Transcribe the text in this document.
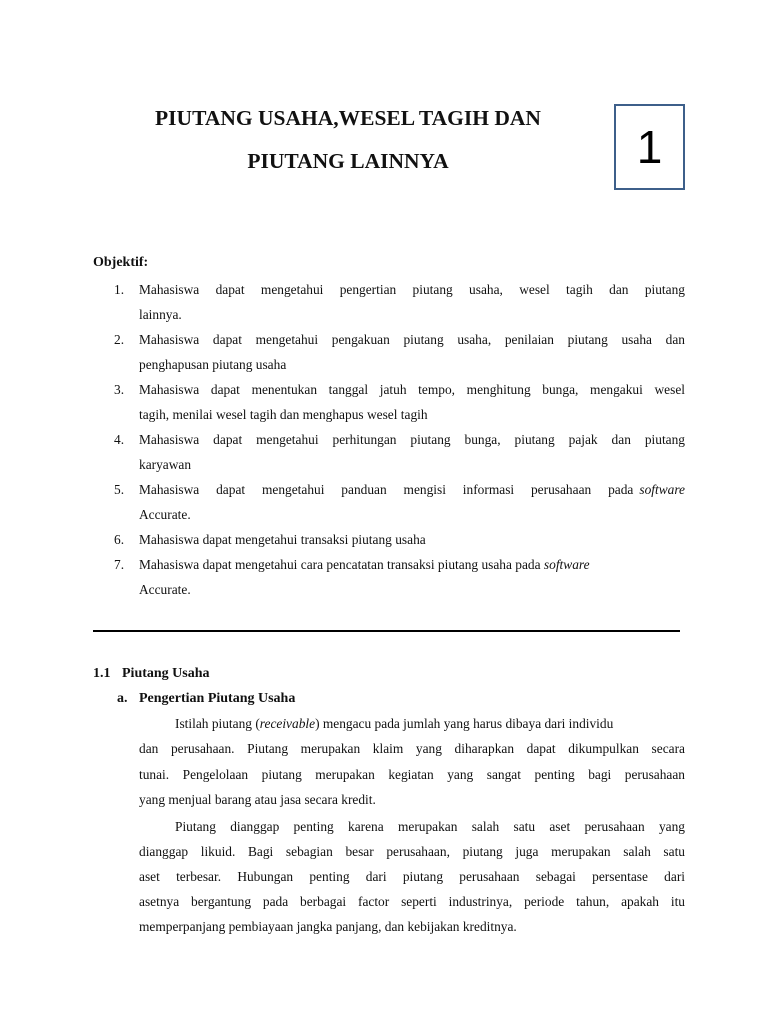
PIUTANG USAHA,WESEL TAGIH DAN
PIUTANG LAINNYA	1
Objektif:
1. Mahasiswa dapat mengetahui pengertian piutang usaha, wesel tagih dan piutang
lainnya.
2. Mahasiswa dapat mengetahui pengakuan piutang usaha, penilaian piutang usaha dan
penghapusan piutang usaha
3. Mahasiswa dapat menentukan tanggal jatuh tempo, menghitung bunga, mengakui wesel
tagih, menilai wesel tagih dan menghapus wesel tagih
4. Mahasiswa dapat mengetahui perhitungan piutang bunga, piutang pajak dan piutang
karyawan
5. Mahasiswa dapat mengetahui panduan mengisi informasi perusahaan pada software
Accurate.
6. Mahasiswa dapat mengetahui transaksi piutang usaha
7. Mahasiswa dapat mengetahui cara pencatatan transaksi piutang usaha pada software
Accurate.
1.1 Piutang Usaha
a. Pengertian Piutang Usaha
Istilah piutang (receivable) mengacu pada jumlah yang harus dibaya dari individu
dan perusahaan. Piutang merupakan klaim yang diharapkan dapat dikumpulkan secara
tunai. Pengelolaan piutang merupakan kegiatan yang sangat penting bagi perusahaan
yang menjual barang atau jasa secara kredit.
Piutang dianggap penting karena merupakan salah satu aset perusahaan yang
dianggap likuid. Bagi sebagian besar perusahaan, piutang juga merupakan salah satu
aset terbesar. Hubungan penting dari piutang perusahaan sebagai persentase dari
asetnya bergantung pada berbagai factor seperti industrinya, periode tahun, apakah itu
memperpanjang pembiayaan jangka panjang, dan kebijakan kreditnya.
